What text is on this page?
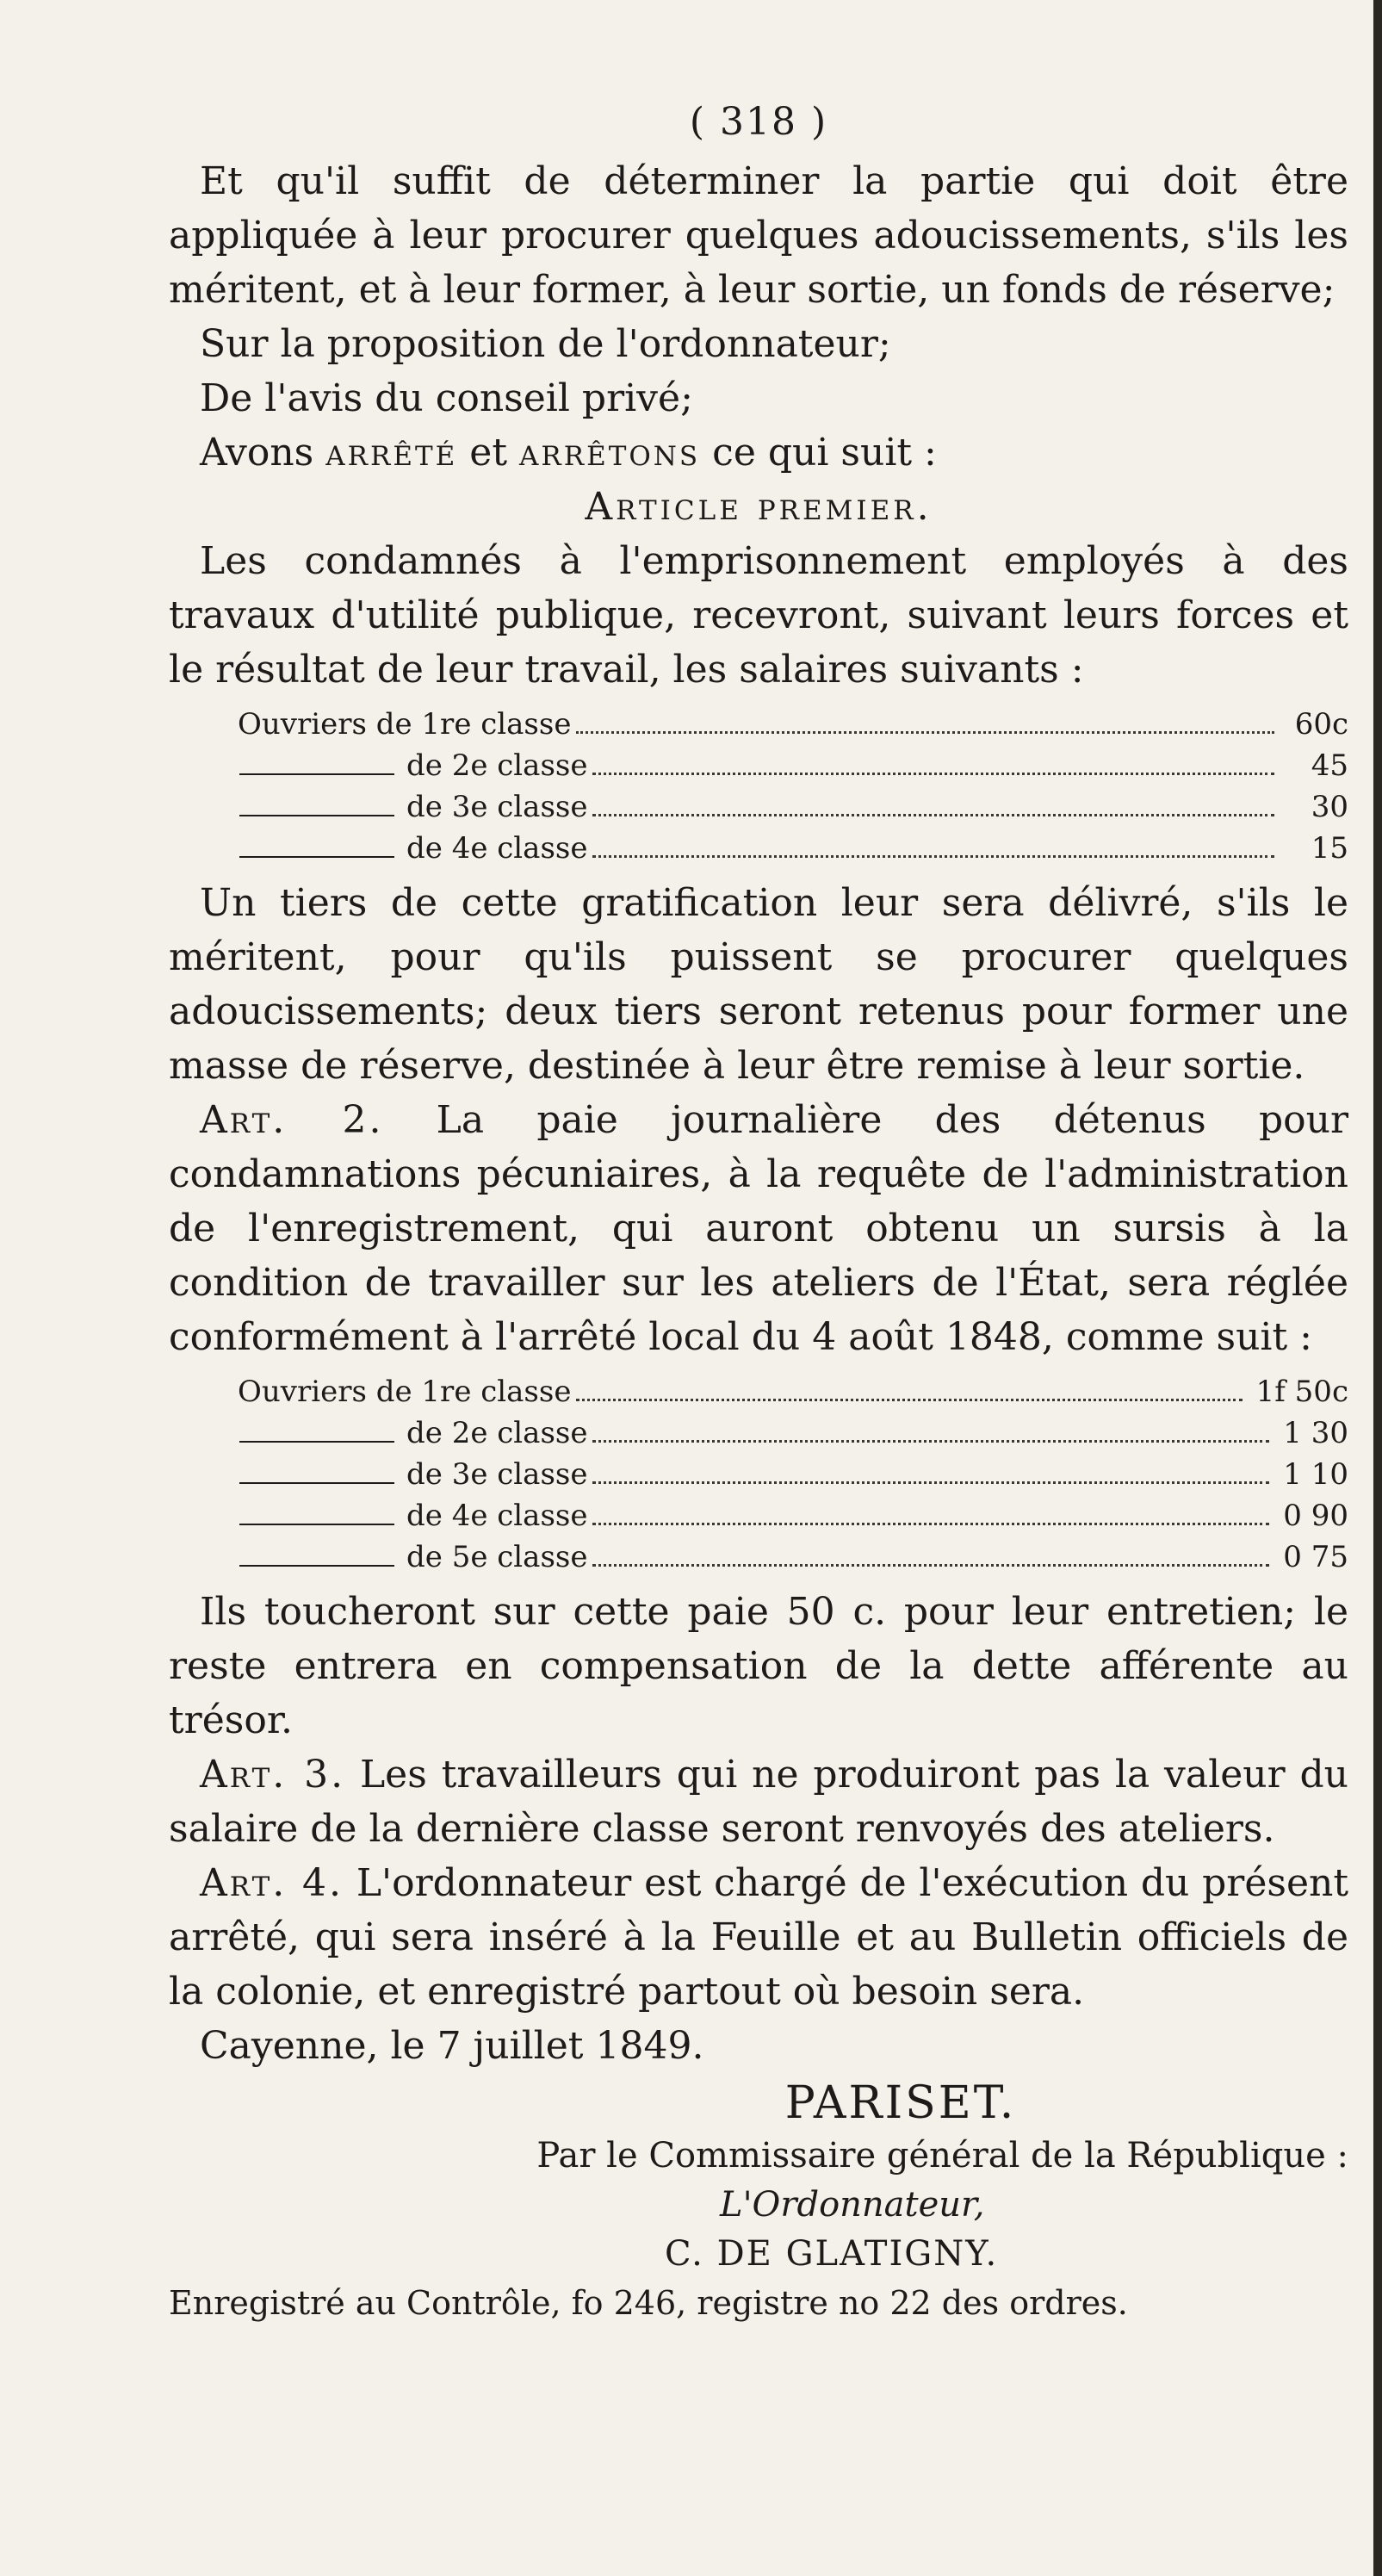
( 318 )

Et qu'il suffit de déterminer la partie qui doit être appliquée à leur procurer quelques adoucissements, s'ils les méritent, et à leur former, à leur sortie, un fonds de réserve;

Sur la proposition de l'ordonnateur;

De l'avis du conseil privé;

Avons arrêté et arrêtons ce qui suit :

Article premier.

Les condamnés à l'emprisonnement employés à des travaux d'utilité publique, recevront, suivant leurs forces et le résultat de leur travail, les salaires suivants :

Ouvriers de 1re classe	60c
de 2e classe	45
de 3e classe	30
de 4e classe	15

Un tiers de cette gratification leur sera délivré, s'ils le méritent, pour qu'ils puissent se procurer quelques adoucissements; deux tiers seront retenus pour former une masse de réserve, destinée à leur être remise à leur sortie.

Art. 2. La paie journalière des détenus pour condamnations pécuniaires, à la requête de l'administration de l'enregistrement, qui auront obtenu un sursis à la condition de travailler sur les ateliers de l'État, sera réglée conformément à l'arrêté local du 4 août 1848, comme suit :

Ouvriers de 1re classe	1f 50c
de 2e classe	1 30
de 3e classe	1 10
de 4e classe	0 90
de 5e classe	0 75

Ils toucheront sur cette paie 50 c. pour leur entretien; le reste entrera en compensation de la dette afférente au trésor.

Art. 3. Les travailleurs qui ne produiront pas la valeur du salaire de la dernière classe seront renvoyés des ateliers.

Art. 4. L'ordonnateur est chargé de l'exécution du présent arrêté, qui sera inséré à la Feuille et au Bulletin officiels de la colonie, et enregistré partout où besoin sera.

Cayenne, le 7 juillet 1849.

PARISET.

Par le Commissaire général de la République :

L'Ordonnateur,

C. DE GLATIGNY.

Enregistré au Contrôle, fo 246, registre no 22 des ordres.
